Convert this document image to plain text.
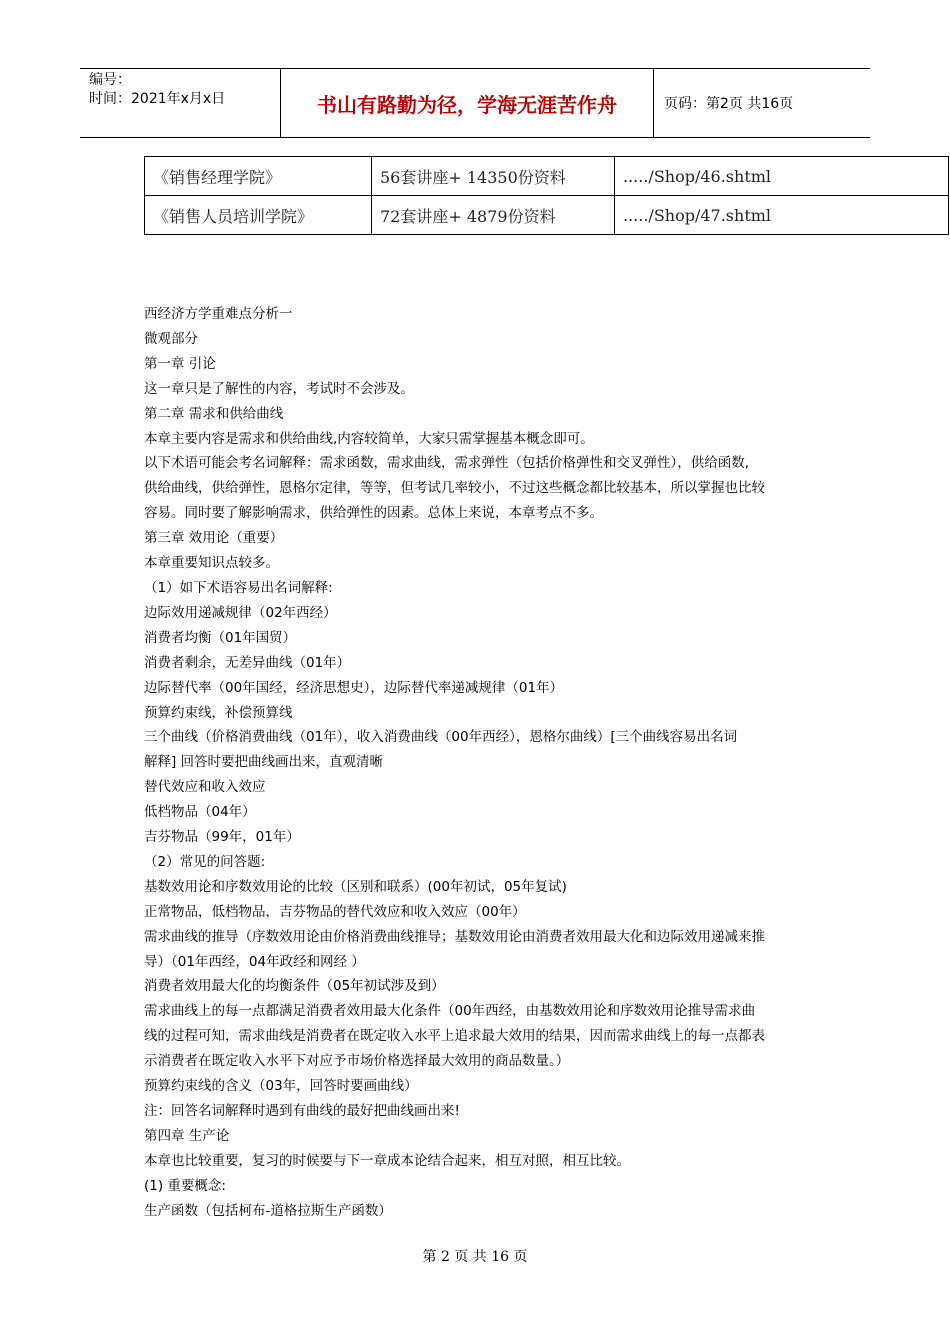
编号：
时间：2021年x月x日	书山有路勤为径，学海无涯苦作舟	页码：第2页 共16页
《销售经理学院》	56套讲座+ 14350份资料	...../Shop/46.shtml
《销售人员培训学院》	72套讲座+ 4879份资料	...../Shop/47.shtml

西经济方学重难点分析一

微观部分

第一章 引论

这一章只是了解性的内容，考试时不会涉及。

第二章 需求和供给曲线

本章主要内容是需求和供给曲线,内容较简单，大家只需掌握基本概念即可。

以下术语可能会考名词解释：需求函数，需求曲线，需求弹性（包括价格弹性和交叉弹性），供给函数,

供给曲线，供给弹性，恩格尔定律，等等，但考试几率较小，不过这些概念都比较基本，所以掌握也比较

容易。同时要了解影响需求，供给弹性的因素。总体上来说，本章考点不多。

第三章 效用论（重要）

本章重要知识点较多。

（1）如下术语容易出名词解释:

边际效用递减规律（02年西经）

消费者均衡（01年国贸）

消费者剩余，无差异曲线（01年）

边际替代率（00年国经，经济思想史），边际替代率递减规律（01年）

预算约束线，补偿预算线

三个曲线（价格消费曲线（01年），收入消费曲线（00年西经），恩格尔曲线）[三个曲线容易出名词

解释] 回答时要把曲线画出来，直观清晰

替代效应和收入效应

低档物品（04年）

吉芬物品（99年，01年）

（2）常见的问答题:

基数效用论和序数效用论的比较（区别和联系）(00年初试，05年复试)

正常物品，低档物品，吉芬物品的替代效应和收入效应（00年）

需求曲线的推导（序数效用论由价格消费曲线推导；基数效用论由消费者效用最大化和边际效用递减来推

导）（01年西经，04年政经和网经 ）

消费者效用最大化的均衡条件（05年初试涉及到）

需求曲线上的每一点都满足消费者效用最大化条件（00年西经，由基数效用论和序数效用论推导需求曲

线的过程可知，需求曲线是消费者在既定收入水平上追求最大效用的结果，因而需求曲线上的每一点都表

示消费者在既定收入水平下对应予市场价格选择最大效用的商品数量。）

预算约束线的含义（03年，回答时要画曲线）

注：回答名词解释时遇到有曲线的最好把曲线画出来!

第四章 生产论

本章也比较重要，复习的时候要与下一章成本论结合起来，相互对照，相互比较。

(1) 重要概念:

生产函数（包括柯布-道格拉斯生产函数）

第 2 页 共 16 页
